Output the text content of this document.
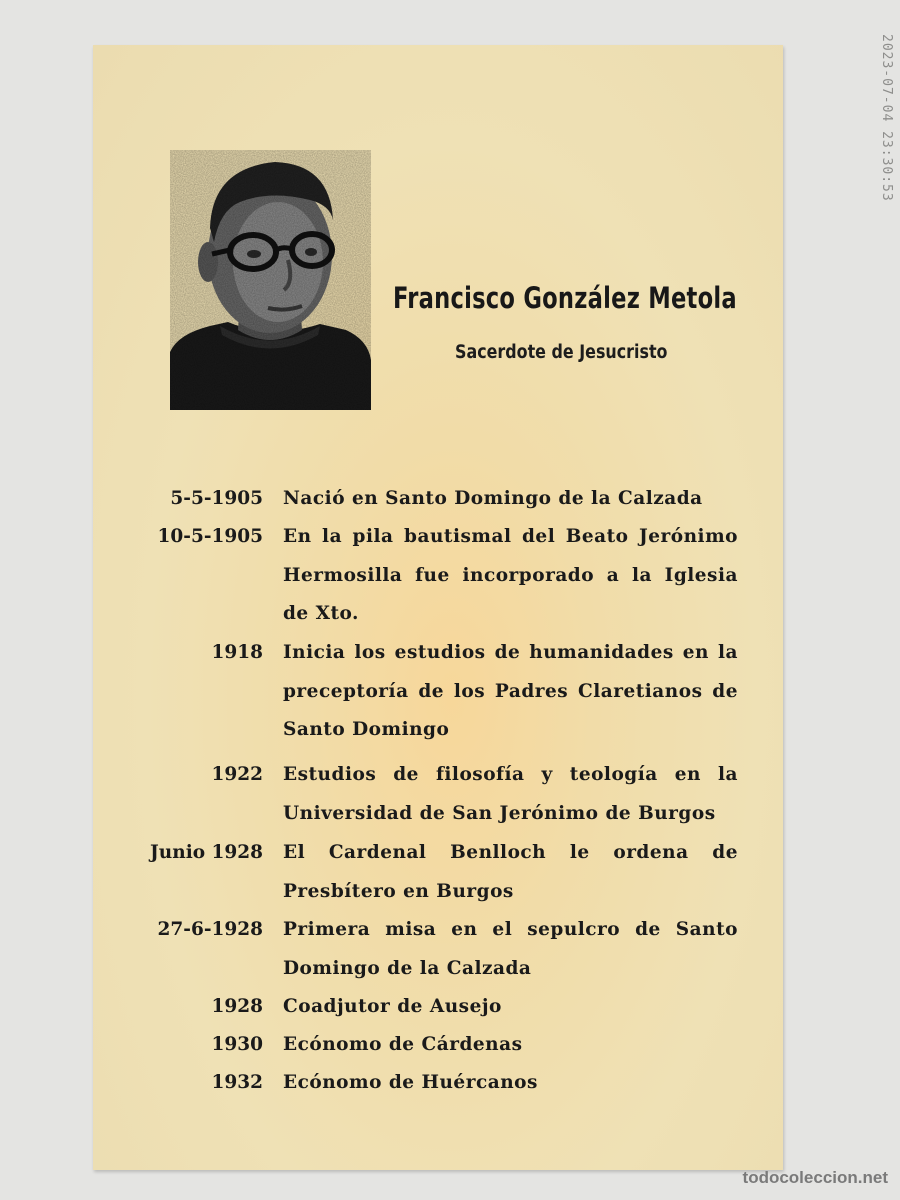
2023-07-04 23:30:53
Francisco González Metola
Sacerdote de Jesucristo
5-5-1905 Nació en Santo Domingo de la Calzada
10-5-1905 En la pila bautismal del Beato Jerónimo Hermosilla fue incorporado a la Iglesia de Xto.
1918 Inicia los estudios de humanidades en la preceptoría de los Padres Claretianos de Santo Domingo
1922 Estudios de filosofía y teología en la Universidad de San Jerónimo de Burgos
Junio 1928 El Cardenal Benlloch le ordena de Presbítero en Burgos
27-6-1928 Primera misa en el sepulcro de Santo Domingo de la Calzada
1928 Coadjutor de Ausejo
1930 Ecónomo de Cárdenas
1932 Ecónomo de Huércanos
todocoleccion.net
